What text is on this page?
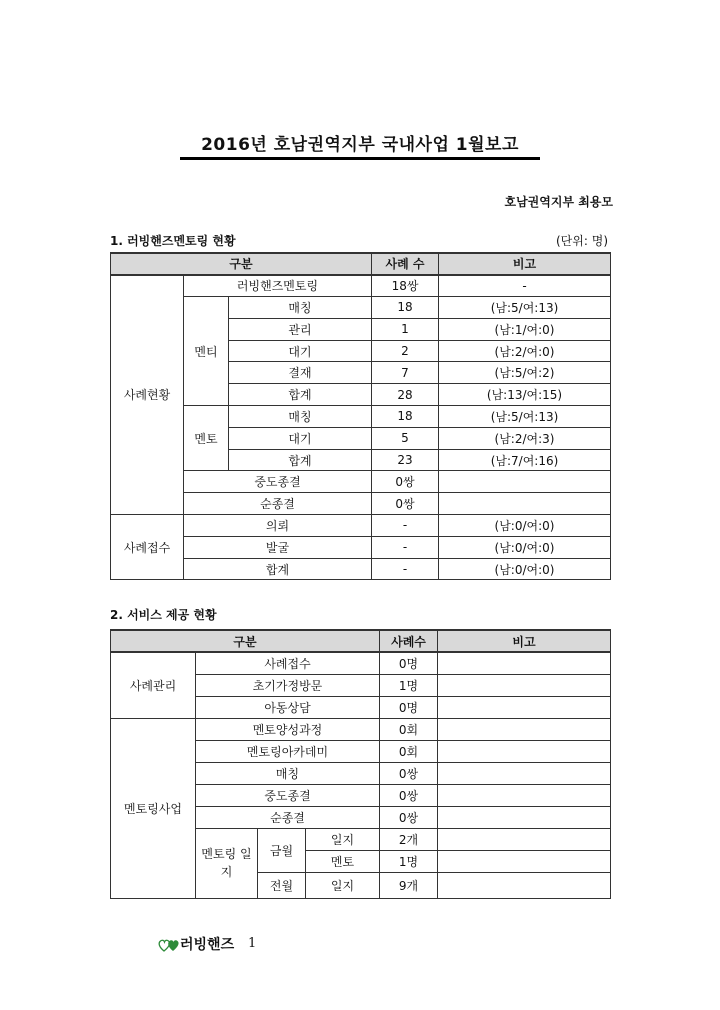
2016년 호남권역지부 국내사업 1월보고
호남권역지부 최용모
1. 러빙핸즈멘토링 현황	(단위: 명)
구분			사례 수	비고
사례현황	러빙핸즈멘토링		18쌍	-
	멘티	매칭	18	(남:5/여:13)
		관리	1	(남:1/여:0)
		대기	2	(남:2/여:0)
		결재	7	(남:5/여:2)
		합계	28	(남:13/여:15)
	멘토	매칭	18	(남:5/여:13)
		대기	5	(남:2/여:3)
		합계	23	(남:7/여:16)
	중도종결		0쌍	
	순종결		0쌍	
사례접수	의뢰		-	(남:0/여:0)
	발굴		-	(남:0/여:0)
	합계		-	(남:0/여:0)
2. 서비스 제공 현황
구분				사례수	비고
사례관리	사례접수			0명	
	초기가정방문			1명	
	아동상담			0명	
멘토링사업	멘토양성과정			0회	
	멘토링아카데미			0회	
	매칭			0쌍	
	중도종결			0쌍	
	순종결			0쌍	
	멘토링 일지	금월	일지	2개	
			멘토	1명	
		전월	일지	9개	
러빙핸즈 1
